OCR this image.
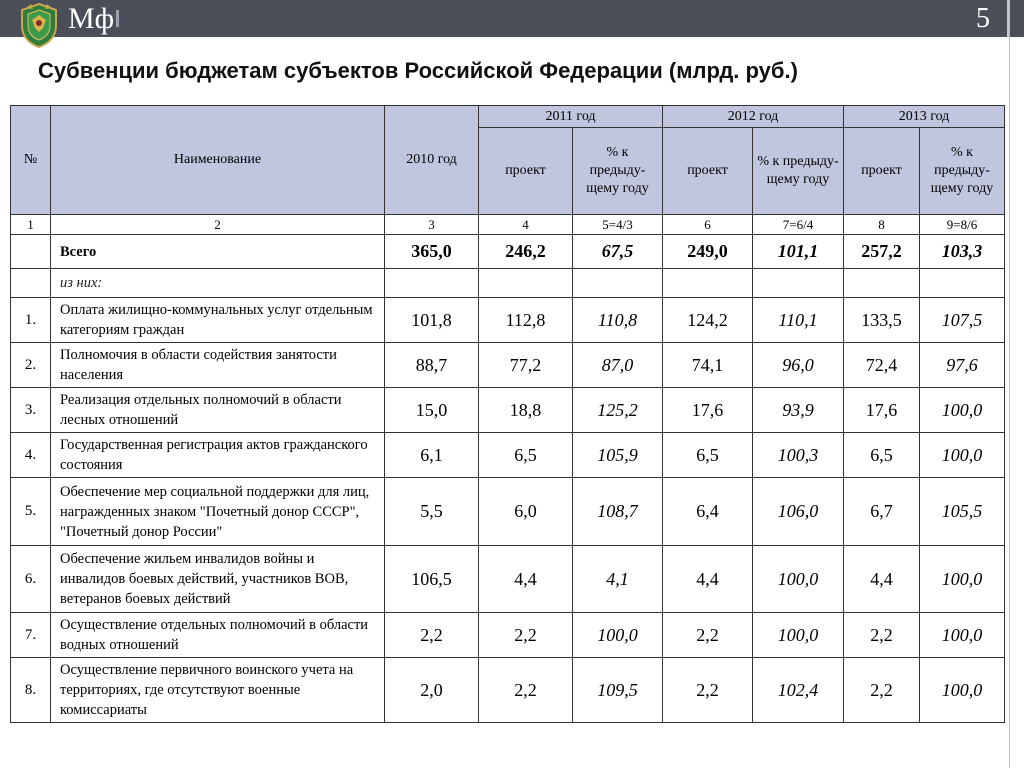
Мф	5
Субвенции бюджетам субъектов Российской Федерации (млрд. руб.)
№	Наименование	2010 год	2011 год		2012 год		2013 год	
			проект	% к предыду-щему году	проект	% к предыду-щему году	проект	% к предыду-щему году
1	2	3	4	5=4/3	6	7=6/4	8	9=8/6
	Всего	365,0	246,2	67,5	249,0	101,1	257,2	103,3
	из них:							
1.	Оплата жилищно-коммунальных услуг отдельным категориям граждан	101,8	112,8	110,8	124,2	110,1	133,5	107,5
2.	Полномочия в области содействия занятости населения	88,7	77,2	87,0	74,1	96,0	72,4	97,6
3.	Реализация отдельных полномочий в области лесных отношений	15,0	18,8	125,2	17,6	93,9	17,6	100,0
4.	Государственная регистрация актов гражданского состояния	6,1	6,5	105,9	6,5	100,3	6,5	100,0
5.	Обеспечение мер социальной поддержки для лиц, награжденных знаком "Почетный донор СССР", "Почетный донор России"	5,5	6,0	108,7	6,4	106,0	6,7	105,5
6.	Обеспечение жильем инвалидов войны и инвалидов боевых действий, участников ВОВ, ветеранов боевых действий	106,5	4,4	4,1	4,4	100,0	4,4	100,0
7.	Осуществление отдельных полномочий в области водных отношений	2,2	2,2	100,0	2,2	100,0	2,2	100,0
8.	Осуществление первичного воинского учета на территориях, где отсутствуют военные комиссариаты	2,0	2,2	109,5	2,2	102,4	2,2	100,0
